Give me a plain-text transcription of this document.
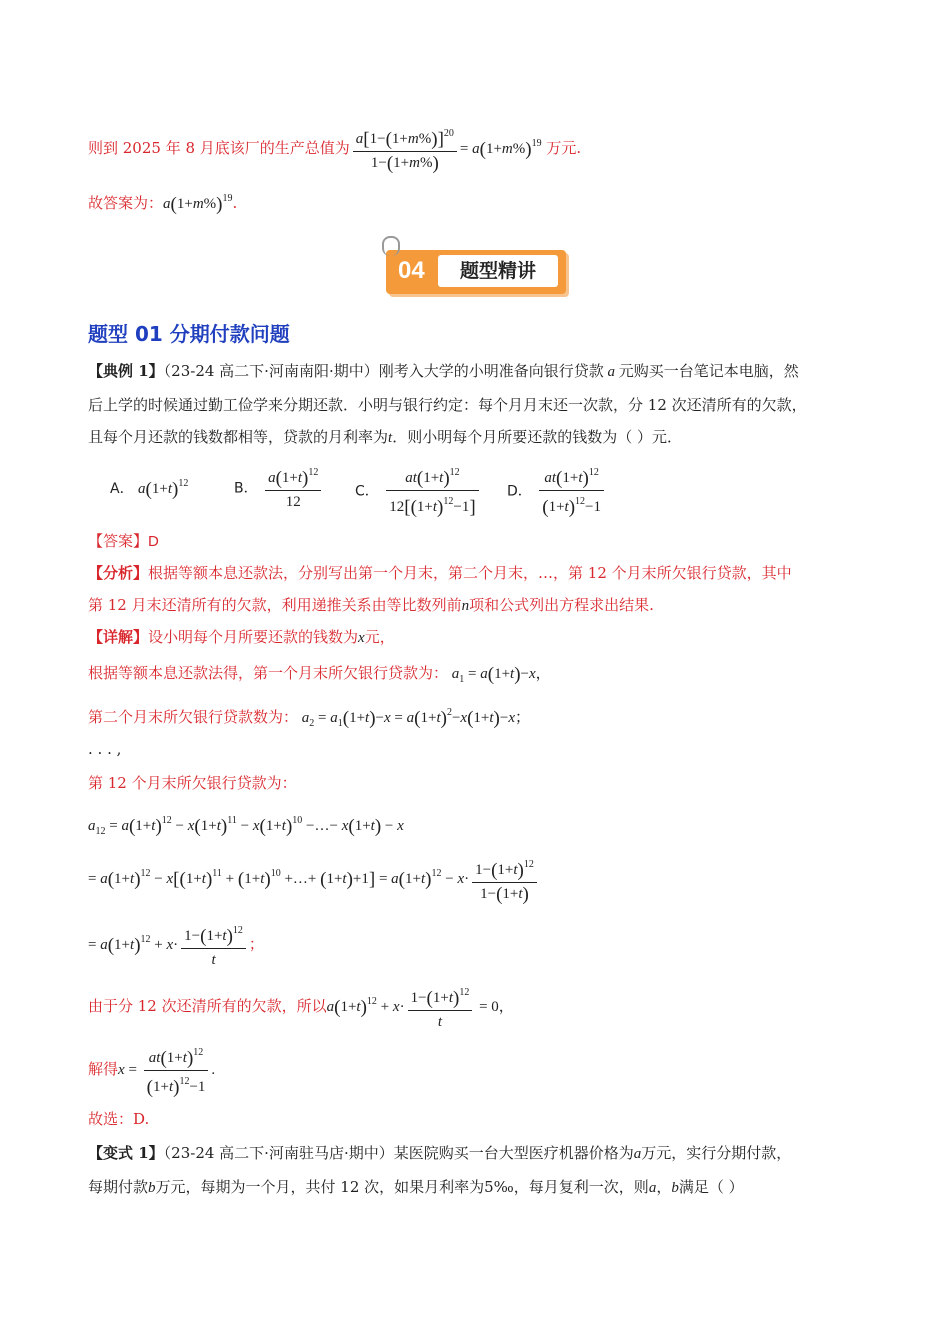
则到 2025 年 8 月底该厂的生产总值为 $\frac{a[1-(1+m\%)]^{20}}{1-(1+m\%)} = a(1+m\%)^{19}$ 万元.
故答案为：$a(1+m\%)^{19}$.
04	题型精讲
题型 01 分期付款问题
【典例 1】（23-24 高二下·河南南阳·期中）刚考入大学的小明准备向银行贷款 a 元购买一台笔记本电脑，然
后上学的时候通过勤工俭学来分期还款．小明与银行约定：每个月月末还一次款，分 12 次还清所有的欠款，
且每个月还款的钱数都相等，贷款的月利率为t．则小明每个月所要还款的钱数为（ ）元．
A． $a(1+t)^{12}$	B． $\frac{a(1+t)^{12}}{12}$ C． $\frac{at(1+t)^{12}}{12[(1+t)^{12}-1]}$ D． $\frac{at(1+t)^{12}}{(1+t)^{12}-1}$
【答案】D
【分析】根据等额本息还款法，分别写出第一个月末，第二个月末，…，第 12 个月末所欠银行贷款，其中
第 12 月末还清所有的欠款，利用递推关系由等比数列前n项和公式列出方程求出结果.
【详解】设小明每个月所要还款的钱数为x元，
根据等额本息还款法得，第一个月末所欠银行贷款为： $a_1 = a(1+t)-x$，
第二个月末所欠银行贷款数为： $a_2 = a_1(1+t)-x = a(1+t)^2-x(1+t)-x$；
. . . ,
第 12 个月末所欠银行贷款为：
$a_{12} = a(1+t)^{12} - x(1+t)^{11} - x(1+t)^{10}$ −…− x(1+t) − x
= $a(1+t)^{12} - x[(1+t)^{11} + (1+t)^{10}$ +…+ $(1+t)+1] = a(1+t)^{12} - x\cdot \frac{1-(1+t)^{12}}{1-(1+t)}$
= $a(1+t)^{12} + x\cdot \frac{1-(1+t)^{12}}{t}$ ；
由于分 12 次还清所有的欠款，所以$a(1+t)^{12} + x\cdot \frac{1-(1+t)^{12}}{t} = 0$，
解得$x = \frac{at(1+t)^{12}}{(1+t)^{12}-1}$ .
故选：D.
【变式 1】（23-24 高二下·河南驻马店·期中）某医院购买一台大型医疗机器价格为a万元，实行分期付款，
每期付款b万元，每期为一个月，共付 12 次，如果月利率为5‰，每月复利一次，则a，b满足（ ）
